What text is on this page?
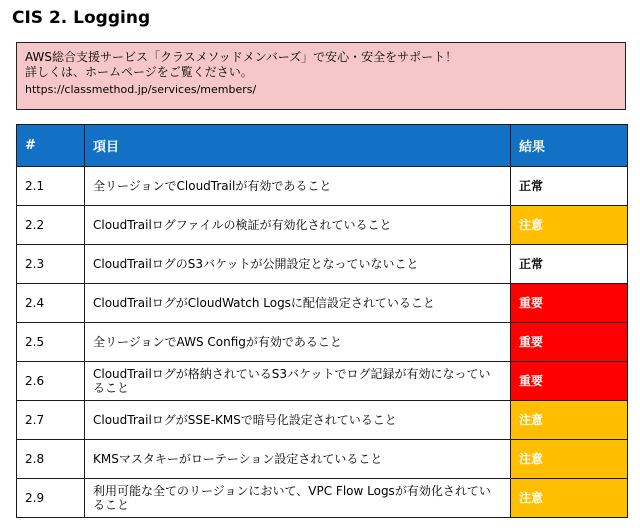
CIS 2. Logging
AWS総合支援サービス「クラスメソッドメンバーズ」で安心・安全をサポート！
詳しくは、ホームページをご覧ください。
https://classmethod.jp/services/members/
#	項目	結果
2.1	全リージョンでCloudTrailが有効であること	正常
2.2	CloudTrailログファイルの検証が有効化されていること	注意
2.3	CloudTrailログのS3バケットが公開設定となっていないこと	正常
2.4	CloudTrailログがCloudWatch Logsに配信設定されていること	重要
2.5	全リージョンでAWS Configが有効であること	重要
2.6	CloudTrailログが格納されているS3バケットでログ記録が有効になっていること	重要
2.7	CloudTrailログがSSE-KMSで暗号化設定されていること	注意
2.8	KMSマスタキーがローテーション設定されていること	注意
2.9	利用可能な全てのリージョンにおいて、VPC Flow Logsが有効化されていること	注意
